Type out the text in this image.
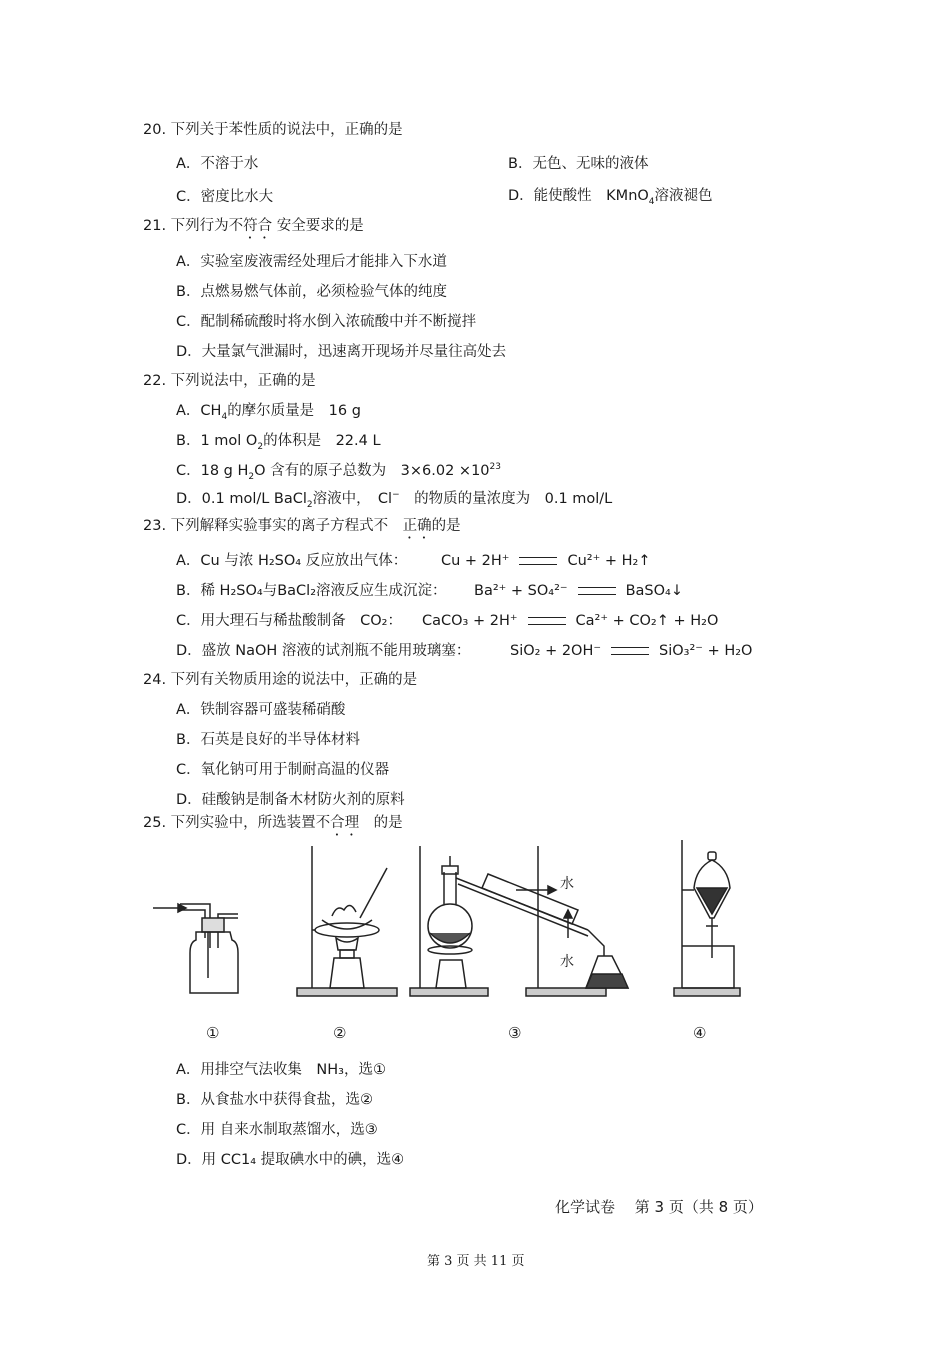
20. 下列关于苯性质的说法中，正确的是
A．不溶于水	B．无色、无味的液体
C．密度比水大	D．能使酸性　 KMnO$_4$溶液褪色
21. 下列行为不符合 安全要求的是
A．实验室废液需经处理后才能排入下水道
B．点燃易燃气体前，必须检验气体的纯度
C．配制稀硫酸时将水倒入浓硫酸中并不断搅拌
D．大量氯气泄漏时，迅速离开现场并尽量往高处去
22. 下列说法中，正确的是
A．$CH_4$的摩尔质量是　16 g
B．1 mol $O_2$的体积是　22.4 L
C．18 g $H_2O$ 含有的原子总数为　$3\times 6.02 \times 10^{23}$
D．0.1 mol/L BaCl$_2$溶液中，　Cl−　 的物质的量浓度为　0.1 mol/L
23. 下列解释实验事实的离子方程式不　 正确的是
A．Cu 与浓 H₂SO₄ 反应放出气体： Cu + 2H⁺	Cu²⁺ + H₂↑
B．稀 H₂SO₄与BaCl₂溶液反应生成沉淀： Ba²⁺ + SO₄²⁻	BaSO₄↓
C．用大理石与稀盐酸制备　CO₂： CaCO₃ + 2H⁺	Ca²⁺ + CO₂↑ + H₂O
D．盛放 NaOH 溶液的试剂瓶不能用玻璃塞：	SiO₂ + 2OH⁻	SiO₃²⁻ + H₂O
24. 下列有关物质用途的说法中，正确的是
A．铁制容器可盛装稀硝酸
B．石英是良好的半导体材料
C．氧化钠可用于制耐高温的仪器
D．硅酸钠是制备木材防火剂的原料
25. 下列实验中，所选装置不合理　 的是
水
水
①	②	③	④
A．用排空气法收集　NH₃，选①
B．从食盐水中获得食盐，选②
C．用 自来水制取蒸馏水，选③
D．用 CC1₄ 提取碘水中的碘，选④
化学试卷　 第 3 页（共 8 页）
第 3 页 共 11 页
